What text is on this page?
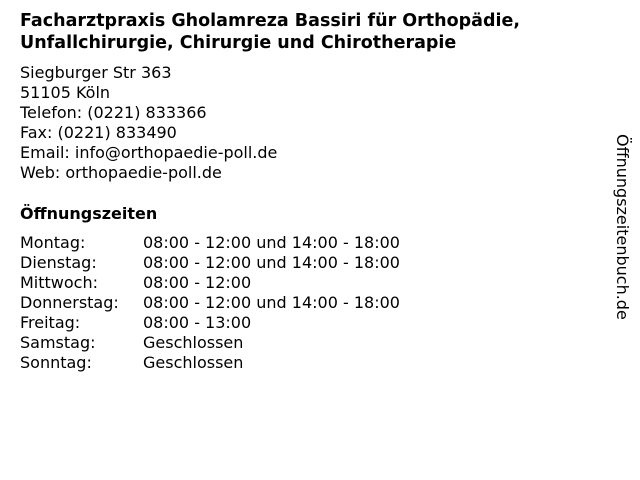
Facharztpraxis Gholamreza Bassiri für Orthopädie, Unfallchirurgie, Chirurgie und Chirotherapie
Siegburger Str 363
51105 Köln
Telefon: (0221) 833366
Fax: (0221) 833490
Email: info@orthopaedie-poll.de
Web: orthopaedie-poll.de
Öffnungszeiten
Montag:	08:00 - 12:00 und 14:00 - 18:00
Dienstag:	08:00 - 12:00 und 14:00 - 18:00
Mittwoch:	08:00 - 12:00
Donnerstag: 08:00 - 12:00 und 14:00 - 18:00
Freitag:	08:00 - 13:00
Samstag:	Geschlossen
Sonntag:	Geschlossen
Öffnungszeitenbuch.de
